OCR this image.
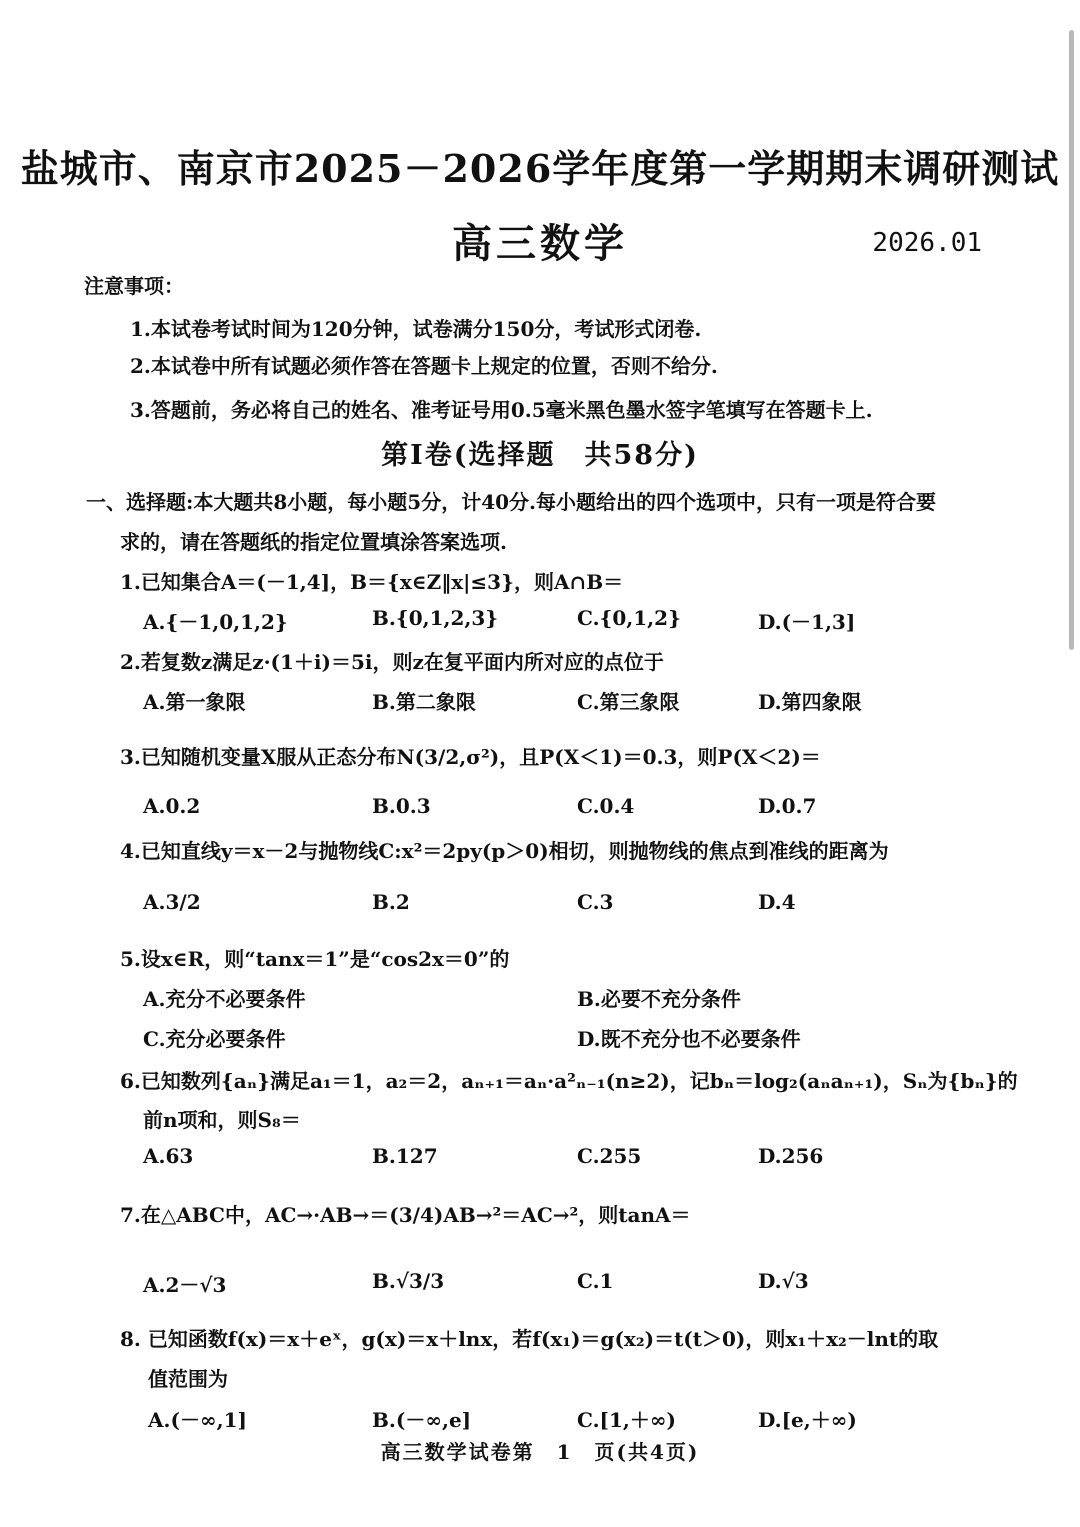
盐城市、南京市2025－2026学年度第一学期期末调研测试
高三数学	2026.01
注意事项：
1.本试卷考试时间为120分钟，试卷满分150分，考试形式闭卷.
2.本试卷中所有试题必须作答在答题卡上规定的位置，否则不给分.
3.答题前，务必将自己的姓名、准考证号用0.5毫米黑色墨水签字笔填写在答题卡上.
第Ⅰ卷(选择题　共58分)
一、选择题:本大题共8小题，每小题5分，计40分.每小题给出的四个选项中，只有一项是符合要
求的，请在答题纸的指定位置填涂答案选项.
1.已知集合A＝(－1,4]，B＝{x∈Z‖x|≤3}，则A∩B＝
A.{－1,0,1,2}	B.{0,1,2,3}	C.{0,1,2}	D.(－1,3]
2.若复数z满足z·(1＋i)＝5i，则z在复平面内所对应的点位于
A.第一象限	B.第二象限	C.第三象限	D.第四象限
3.已知随机变量X服从正态分布N(3/2,σ²)，且P(X＜1)＝0.3，则P(X＜2)＝
A.0.2	B.0.3	C.0.4	D.0.7
4.已知直线y＝x－2与抛物线C:x²＝2py(p＞0)相切，则抛物线的焦点到准线的距离为
A.3/2	B.2	C.3	D.4
5.设x∈R，则“tanx＝1”是“cos2x＝0”的
A.充分不必要条件	B.必要不充分条件
C.充分必要条件	D.既不充分也不必要条件
6.已知数列{aₙ}满足a₁＝1，a₂＝2，aₙ₊₁＝aₙ·a²ₙ₋₁(n≥2)，记bₙ＝log₂(aₙaₙ₊₁)，Sₙ为{bₙ}的
前n项和，则S₈＝
A.63	B.127	C.255	D.256
7.在△ABC中，AC→·AB→＝(3/4)AB→²＝AC→²，则tanA＝
A.2－√3	B.√3/3	C.1	D.√3
8. 已知函数f(x)＝x＋eˣ，g(x)＝x＋lnx，若f(x₁)＝g(x₂)＝t(t＞0)，则x₁＋x₂－lnt的取
值范围为
A.(－∞,1]	B.(－∞,e]	C.[1,＋∞)	D.[e,＋∞)
高三数学试卷第　1　页(共4页)
